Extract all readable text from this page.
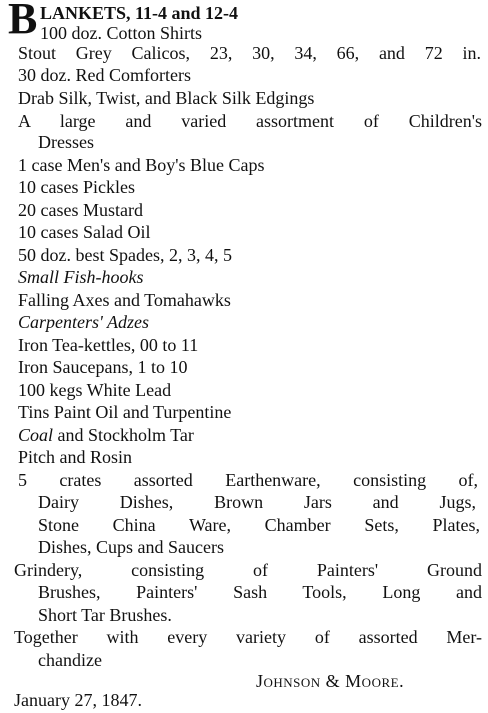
B LANKETS, 11-4 and 12-4
100 doz. Cotton Shirts
Stout Grey Calicos, 23, 30, 34, 66, and 72 in.
30 doz. Red Comforters
Drab Silk, Twist, and Black Silk Edgings
A large and varied assortment of Children's
Dresses
1 case Men's and Boy's Blue Caps
10 cases Pickles
20 cases Mustard
10 cases Salad Oil
50 doz. best Spades, 2, 3, 4, 5
Small Fish-hooks
Falling Axes and Tomahawks
Carpenters' Adzes
Iron Tea-kettles, 00 to 11
Iron Saucepans, 1 to 10
100 kegs White Lead
Tins Paint Oil and Turpentine
Coal and Stockholm Tar
Pitch and Rosin
5 crates assorted Earthenware, consisting of,
Dairy Dishes, Brown Jars and Jugs,
Stone China Ware, Chamber Sets, Plates,
Dishes, Cups and Saucers
Grindery, consisting of Painters' Ground
Brushes, Painters' Sash Tools, Long and
Short Tar Brushes.
Together with every variety of assorted Mer-
chandize
Johnson & Moore.
January 27, 1847.
